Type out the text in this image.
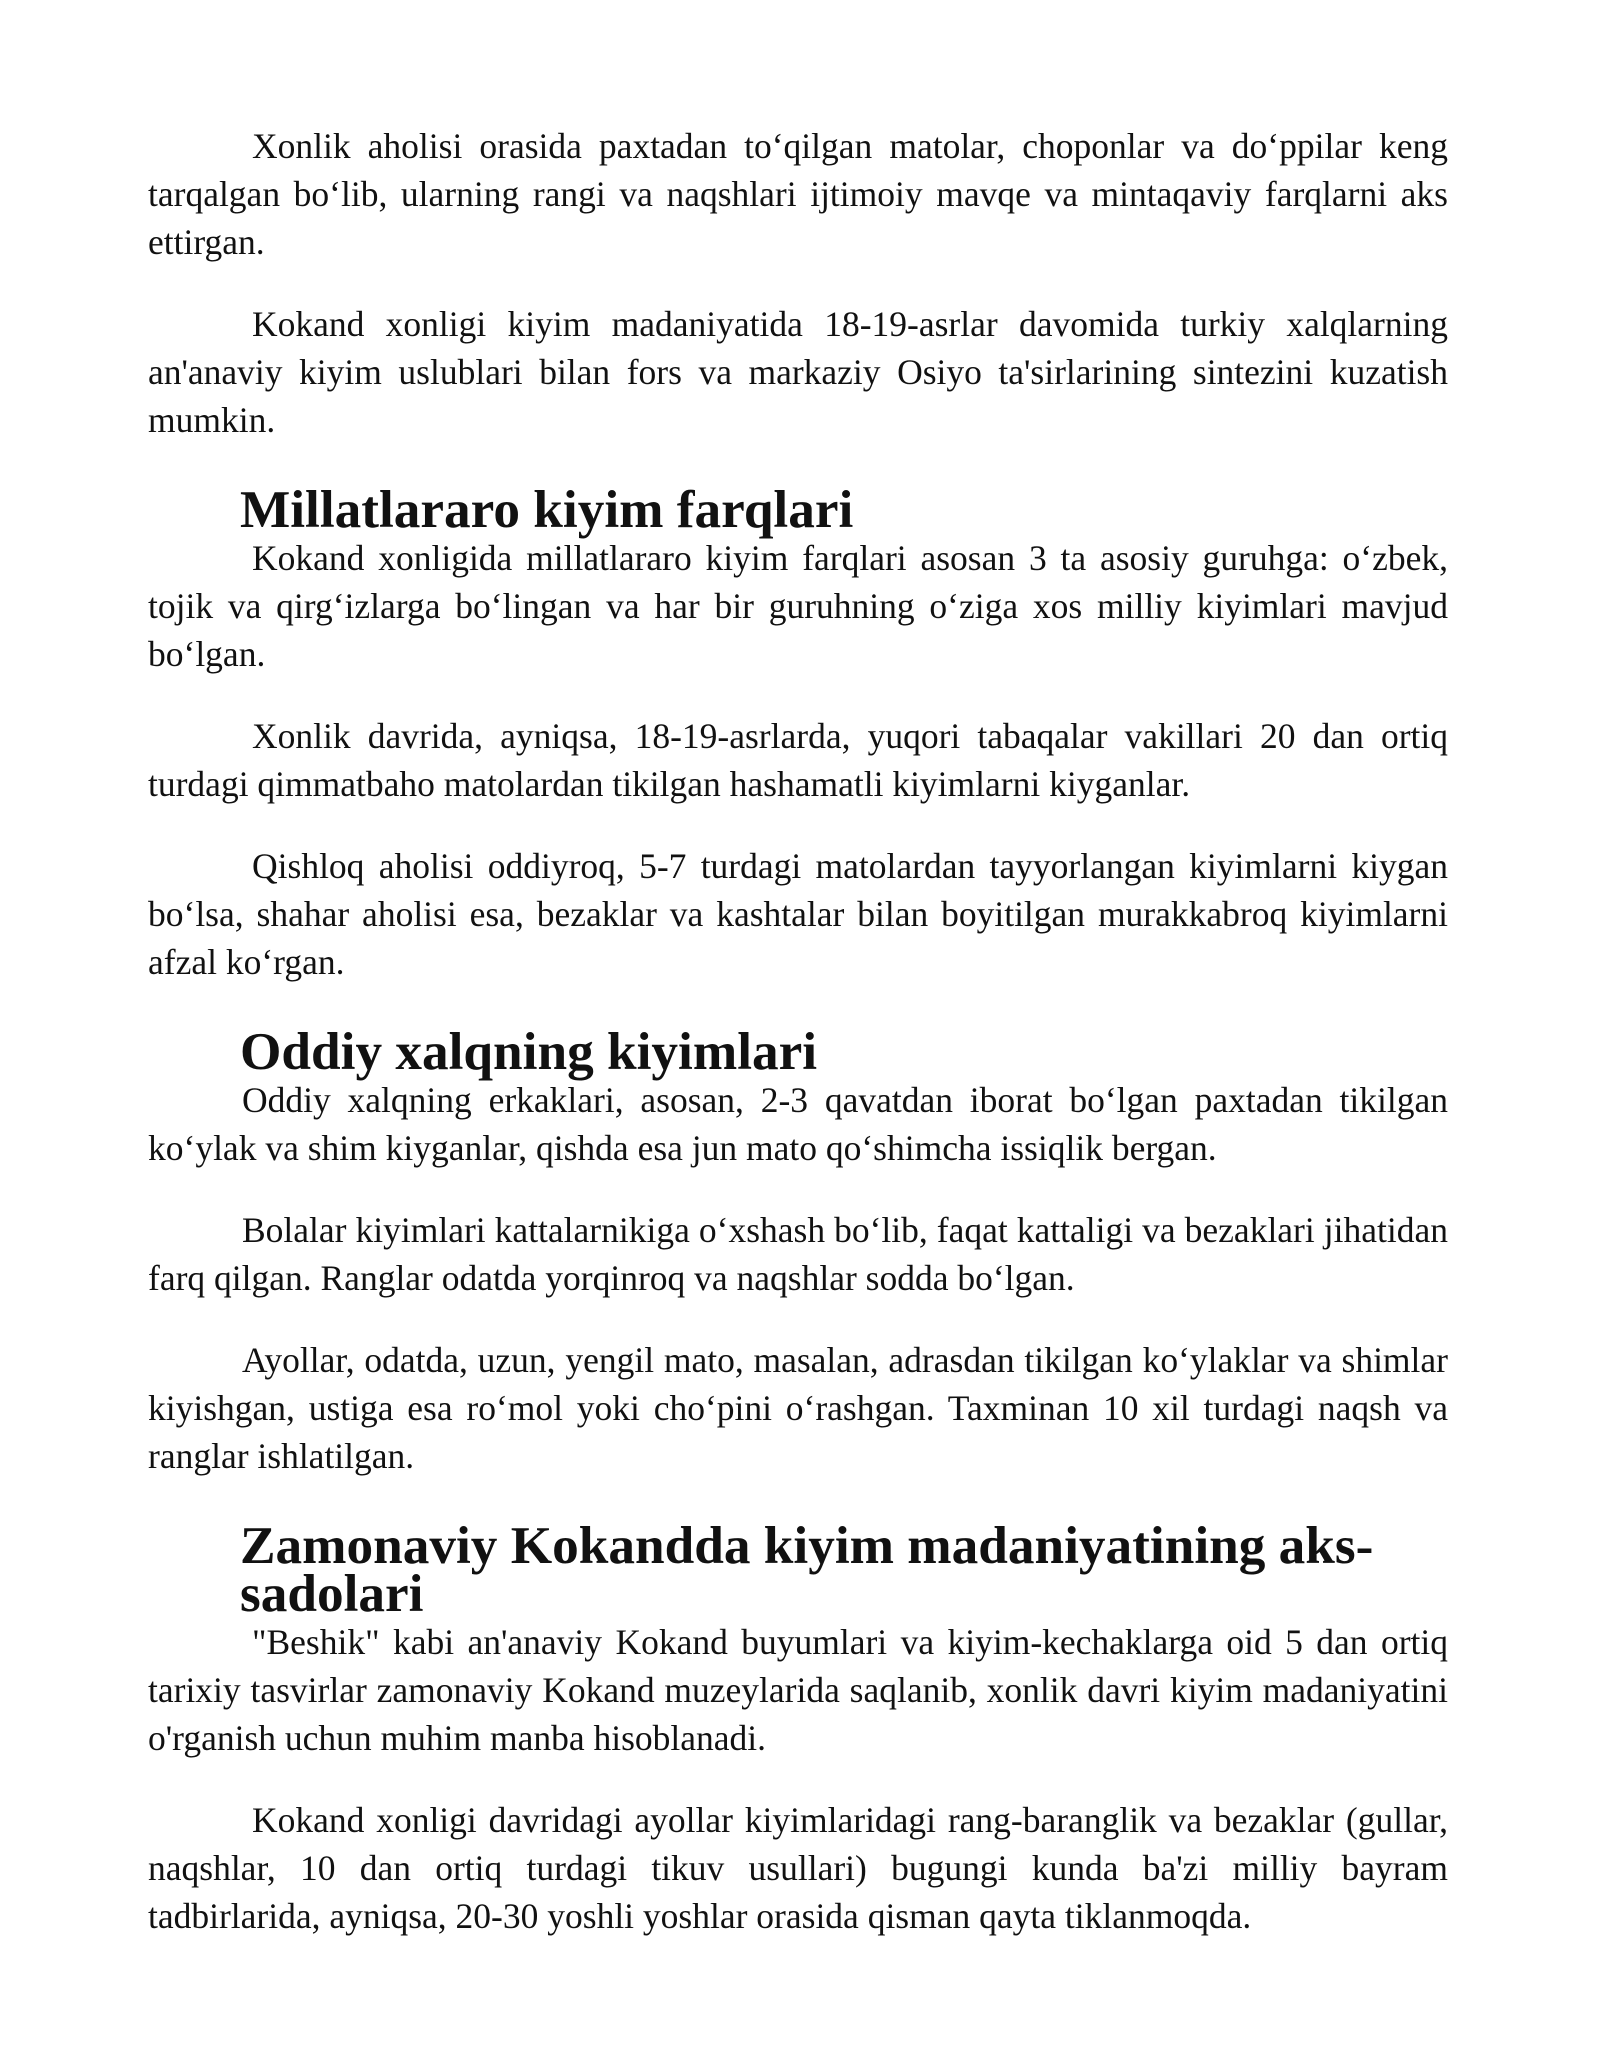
Xonlik aholisi orasida paxtadan to‘qilgan matolar, choponlar va do‘ppilar keng tarqalgan bo‘lib, ularning rangi va naqshlari ijtimoiy mavqe va mintaqaviy farqlarni aks ettirgan.

Kokand xonligi kiyim madaniyatida 18-19-asrlar davomida turkiy xalqlarning an'anaviy kiyim uslublari bilan fors va markaziy Osiyo ta'sirlarining sintezini kuzatish mumkin.

Millatlararo kiyim farqlari

Kokand xonligida millatlararo kiyim farqlari asosan 3 ta asosiy guruhga: o‘zbek, tojik va qirg‘izlarga bo‘lingan va har bir guruhning o‘ziga xos milliy kiyimlari mavjud bo‘lgan.

Xonlik davrida, ayniqsa, 18-19-asrlarda, yuqori tabaqalar vakillari 20 dan ortiq turdagi qimmatbaho matolardan tikilgan hashamatli kiyimlarni kiyganlar.

Qishloq aholisi oddiyroq, 5-7 turdagi matolardan tayyorlangan kiyimlarni kiygan bo‘lsa, shahar aholisi esa, bezaklar va kashtalar bilan boyitilgan murakkabroq kiyimlarni afzal ko‘rgan.

Oddiy xalqning kiyimlari

Oddiy xalqning erkaklari, asosan, 2-3 qavatdan iborat bo‘lgan paxtadan tikilgan ko‘ylak va shim kiyganlar, qishda esa jun mato qo‘shimcha issiqlik bergan.

Bolalar kiyimlari kattalarnikiga o‘xshash bo‘lib, faqat kattaligi va bezaklari jihatidan farq qilgan. Ranglar odatda yorqinroq va naqshlar sodda bo‘lgan.

Ayollar, odatda, uzun, yengil mato, masalan, adrasdan tikilgan ko‘ylaklar va shimlar kiyishgan, ustiga esa ro‘mol yoki cho‘pini o‘rashgan. Taxminan 10 xil turdagi naqsh va ranglar ishlatilgan.

Zamonaviy Kokandda kiyim madaniyatining aks-sadolari

"Beshik" kabi an'anaviy Kokand buyumlari va kiyim-kechaklarga oid 5 dan ortiq tarixiy tasvirlar zamonaviy Kokand muzeylarida saqlanib, xonlik davri kiyim madaniyatini o'rganish uchun muhim manba hisoblanadi.

Kokand xonligi davridagi ayollar kiyimlaridagi rang-baranglik va bezaklar (gullar, naqshlar, 10 dan ortiq turdagi tikuv usullari) bugungi kunda ba'zi milliy bayram tadbirlarida, ayniqsa, 20-30 yoshli yoshlar orasida qisman qayta tiklanmoqda.
